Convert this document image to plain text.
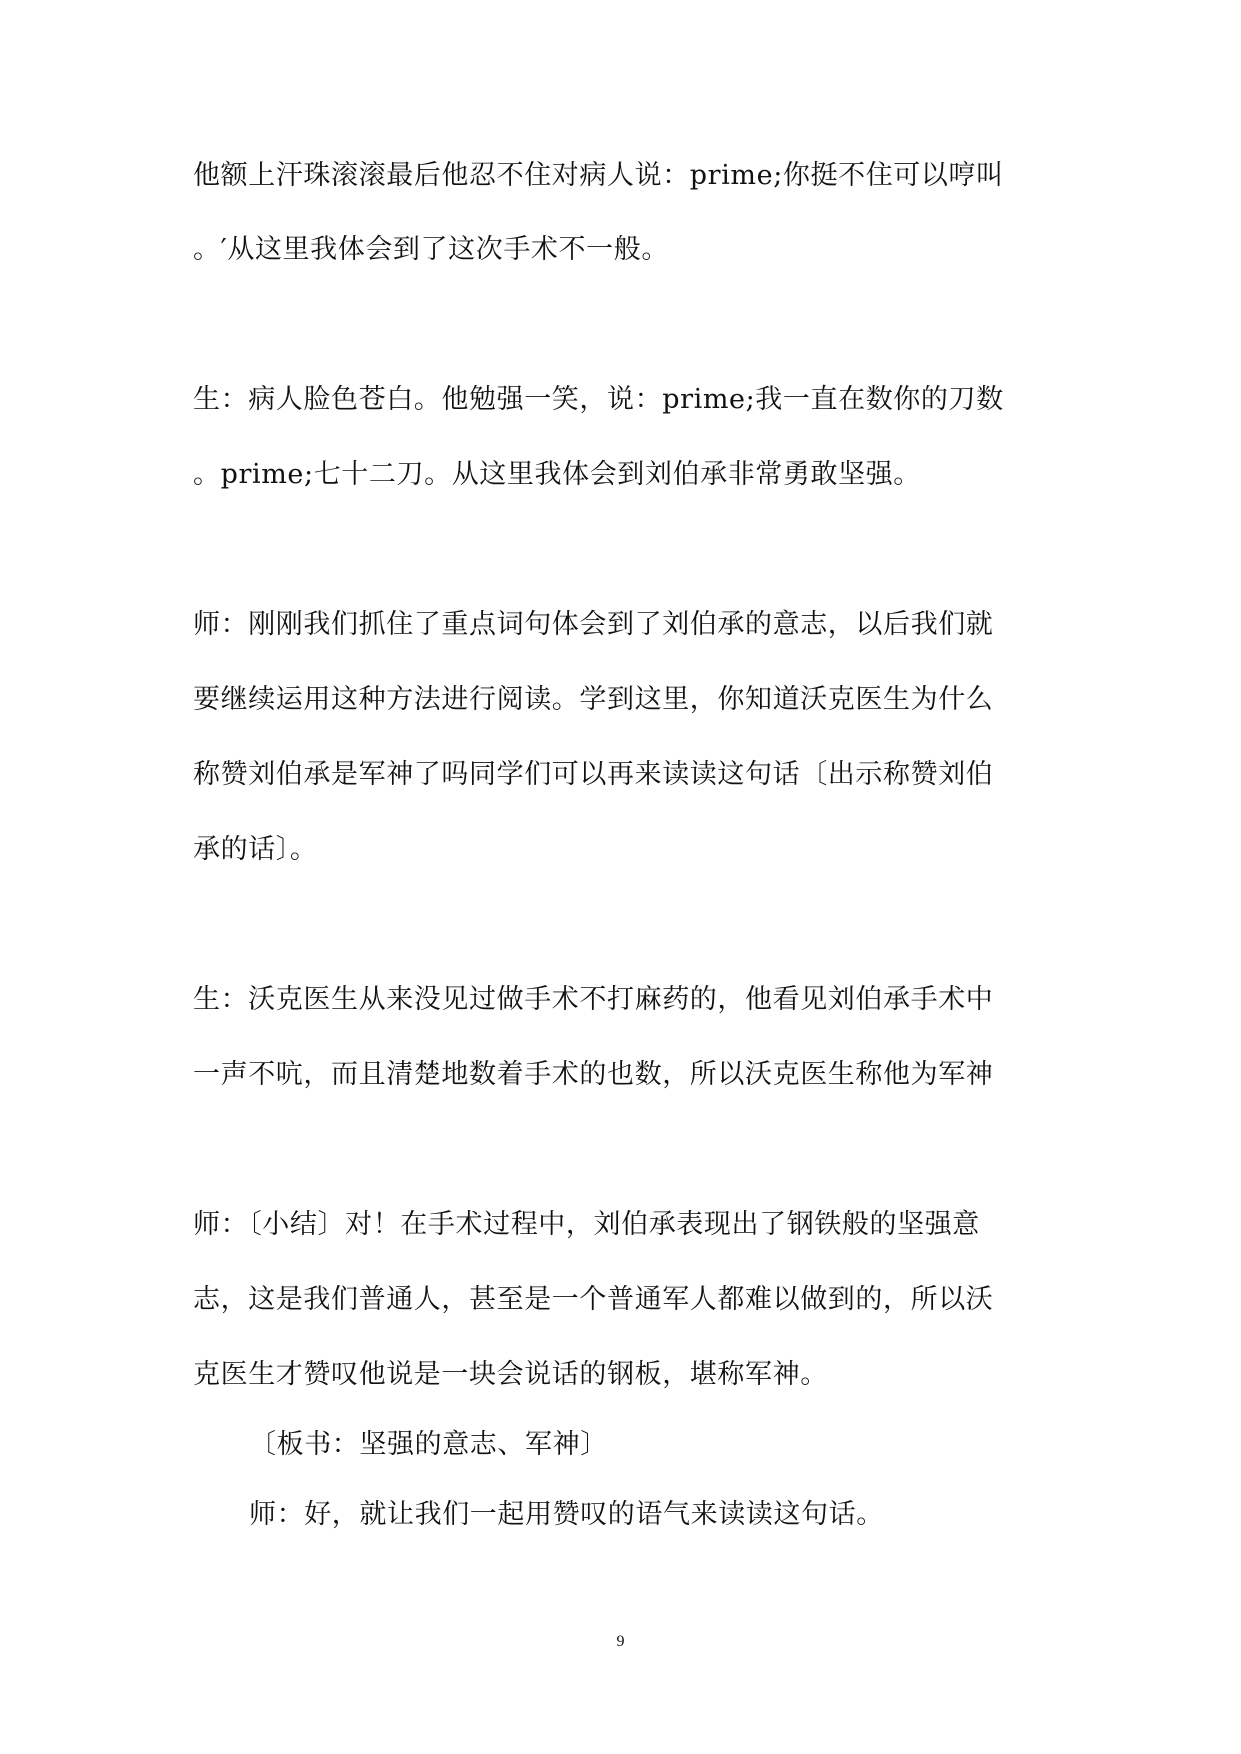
他额上汗珠滚滚最后他忍不住对病人说：prime;你挺不住可以哼叫
。′从这里我体会到了这次手术不一般。
生：病人脸色苍白。他勉强一笑，说：prime;我一直在数你的刀数
。prime;七十二刀。从这里我体会到刘伯承非常勇敢坚强。
师：刚刚我们抓住了重点词句体会到了刘伯承的意志，以后我们就
要继续运用这种方法进行阅读。学到这里，你知道沃克医生为什么
称赞刘伯承是军神了吗同学们可以再来读读这句话〔出示称赞刘伯
承的话〕。
生：沃克医生从来没见过做手术不打麻药的，他看见刘伯承手术中
一声不吭，而且清楚地数着手术的也数，所以沃克医生称他为军神
师：〔小结〕对！在手术过程中，刘伯承表现出了钢铁般的坚强意
志，这是我们普通人，甚至是一个普通军人都难以做到的，所以沃
克医生才赞叹他说是一块会说话的钢板，堪称军神。
〔板书：坚强的意志、军神〕
师：好，就让我们一起用赞叹的语气来读读这句话。
9
